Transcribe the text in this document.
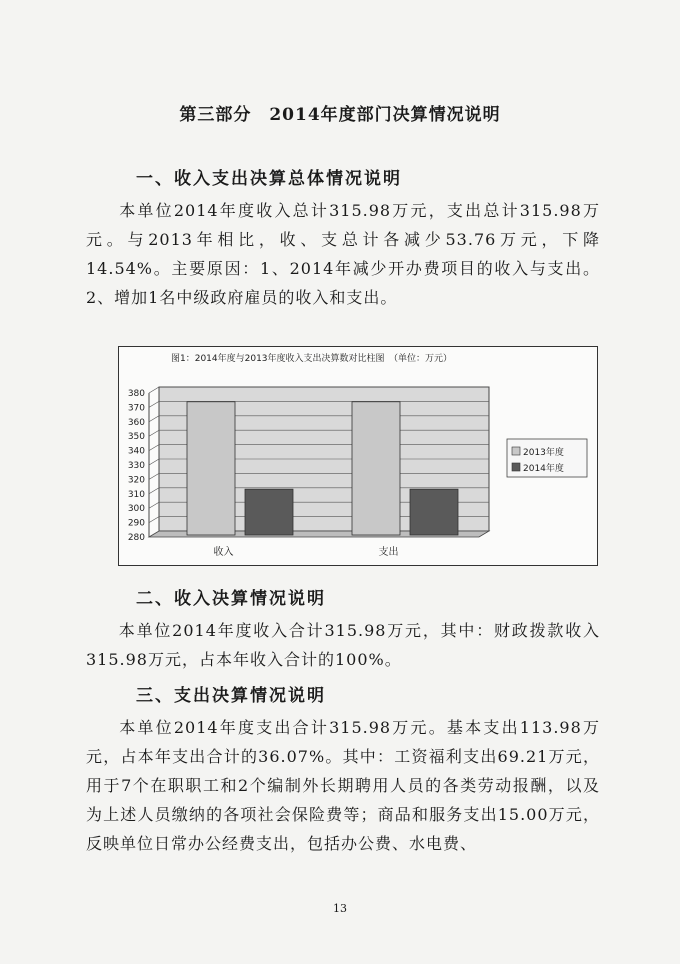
第三部分　2014年度部门决算情况说明
一、收入支出决算总体情况说明

本单位2014年度收入总计315.98万元，支出总计315.98万元。与2013年相比，收、支总计各减少53.76万元，下降14.54%。主要原因：1、2014年减少开办费项目的收入与支出。2、增加1名中级政府雇员的收入和支出。

图1：2014年度与2013年度收入支出决算数对比柱图　（单位：万元）
380
370
360
350
340
330
320
310
300
290
280
收入	支出
2013年度
2014年度
二、收入决算情况说明

本单位2014年度收入合计315.98万元，其中：财政拨款收入315.98万元，占本年收入合计的100%。

三、支出决算情况说明

本单位2014年度支出合计315.98万元。基本支出113.98万元，占本年支出合计的36.07%。其中：工资福利支出69.21万元，用于7个在职职工和2个编制外长期聘用人员的各类劳动报酬，以及为上述人员缴纳的各项社会保险费等；商品和服务支出15.00万元，反映单位日常办公经费支出，包括办公费、水电费、

13
